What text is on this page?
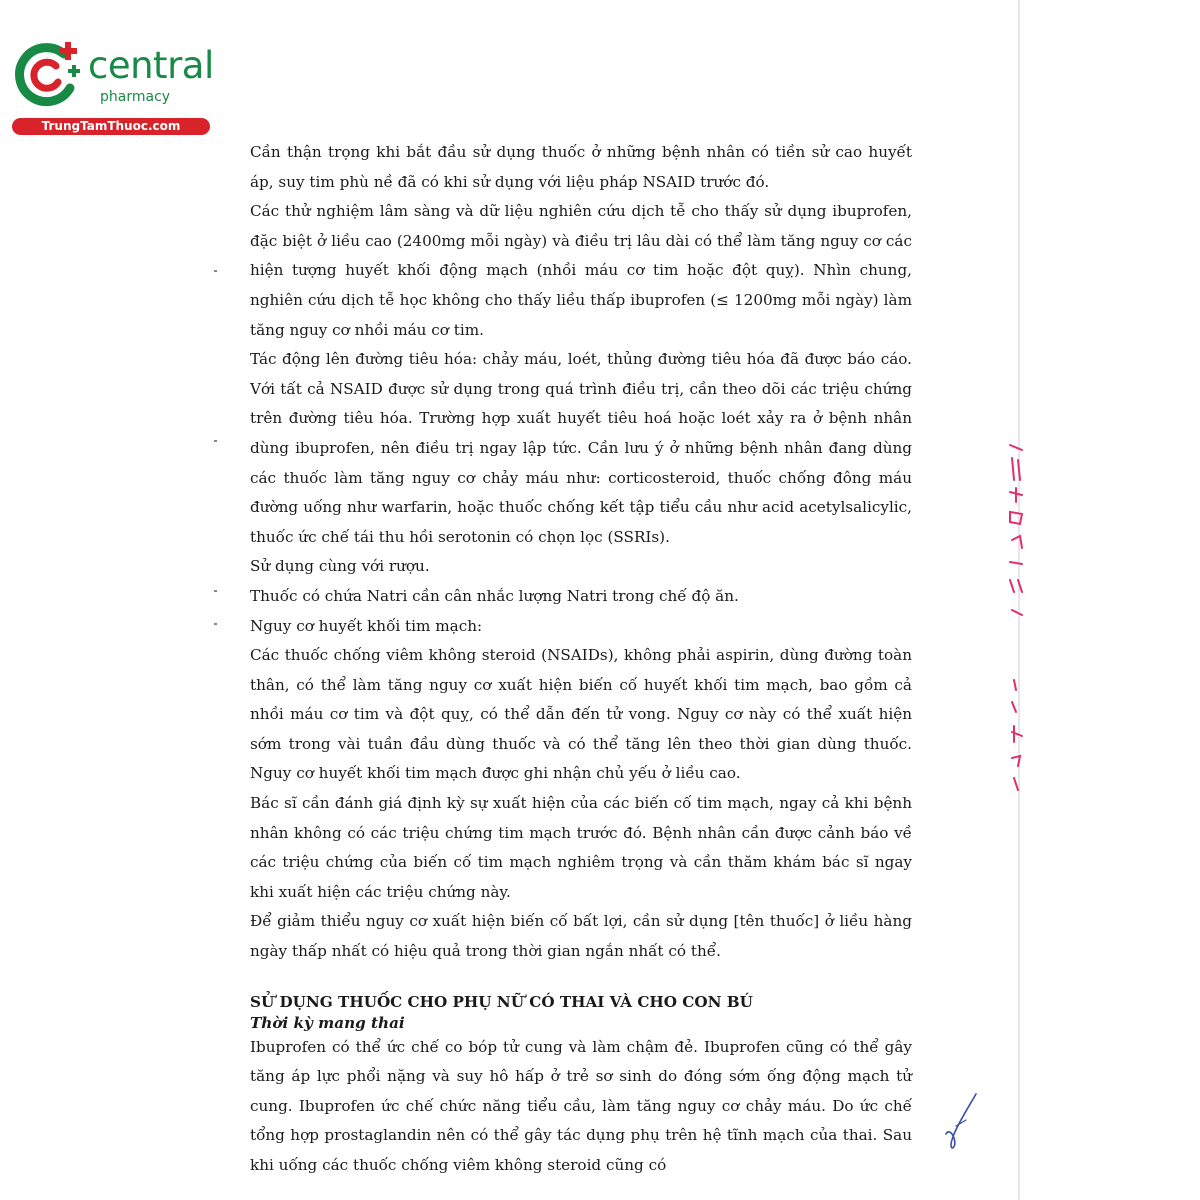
central
pharmacy
TrungTamThuoc.com

Cần thận trọng khi bắt đầu sử dụng thuốc ở những bệnh nhân có tiền sử cao huyết áp, suy tim phù nề đã có khi sử dụng với liệu pháp NSAID trước đó.

Các thử nghiệm lâm sàng và dữ liệu nghiên cứu dịch tễ cho thấy sử dụng ibuprofen, đặc biệt ở liều cao (2400mg mỗi ngày) và điều trị lâu dài có thể làm tăng nguy cơ các hiện tượng huyết khối động mạch (nhồi máu cơ tim hoặc đột quỵ). Nhìn chung, nghiên cứu dịch tễ học không cho thấy liều thấp ibuprofen (≤ 1200mg mỗi ngày) làm tăng nguy cơ nhồi máu cơ tim.

Tác động lên đường tiêu hóa: chảy máu, loét, thủng đường tiêu hóa đã được báo cáo. Với tất cả NSAID được sử dụng trong quá trình điều trị, cần theo dõi các triệu chứng trên đường tiêu hóa. Trường hợp xuất huyết tiêu hoá hoặc loét xảy ra ở bệnh nhân dùng ibuprofen, nên điều trị ngay lập tức. Cần lưu ý ở những bệnh nhân đang dùng các thuốc làm tăng nguy cơ chảy máu như: corticosteroid, thuốc chống đông máu đường uống như warfarin, hoặc thuốc chống kết tập tiểu cầu như acid acetylsalicylic, thuốc ức chế tái thu hồi serotonin có chọn lọc (SSRIs).

Sử dụng cùng với rượu.

Thuốc có chứa Natri cần cân nhắc lượng Natri trong chế độ ăn.

Nguy cơ huyết khối tim mạch:

Các thuốc chống viêm không steroid (NSAIDs), không phải aspirin, dùng đường toàn thân, có thể làm tăng nguy cơ xuất hiện biến cố huyết khối tim mạch, bao gồm cả nhồi máu cơ tim và đột quỵ, có thể dẫn đến tử vong. Nguy cơ này có thể xuất hiện sớm trong vài tuần đầu dùng thuốc và có thể tăng lên theo thời gian dùng thuốc. Nguy cơ huyết khối tim mạch được ghi nhận chủ yếu ở liều cao.

Bác sĩ cần đánh giá định kỳ sự xuất hiện của các biến cố tim mạch, ngay cả khi bệnh nhân không có các triệu chứng tim mạch trước đó. Bệnh nhân cần được cảnh báo về các triệu chứng của biến cố tim mạch nghiêm trọng và cần thăm khám bác sĩ ngay khi xuất hiện các triệu chứng này.

Để giảm thiểu nguy cơ xuất hiện biến cố bất lợi, cần sử dụng [tên thuốc] ở liều hàng ngày thấp nhất có hiệu quả trong thời gian ngắn nhất có thể.

SỬ DỤNG THUỐC CHO PHỤ NỮ CÓ THAI VÀ CHO CON BÚ
Thời kỳ mang thai

Ibuprofen có thể ức chế co bóp tử cung và làm chậm đẻ. Ibuprofen cũng có thể gây tăng áp lực phổi nặng và suy hô hấp ở trẻ sơ sinh do đóng sớm ống động mạch tử cung. Ibuprofen ức chế chức năng tiểu cầu, làm tăng nguy cơ chảy máu. Do ức chế tổng hợp prostaglandin nên có thể gây tác dụng phụ trên hệ tĩnh mạch của thai. Sau khi uống các thuốc chống viêm không steroid cũng có
